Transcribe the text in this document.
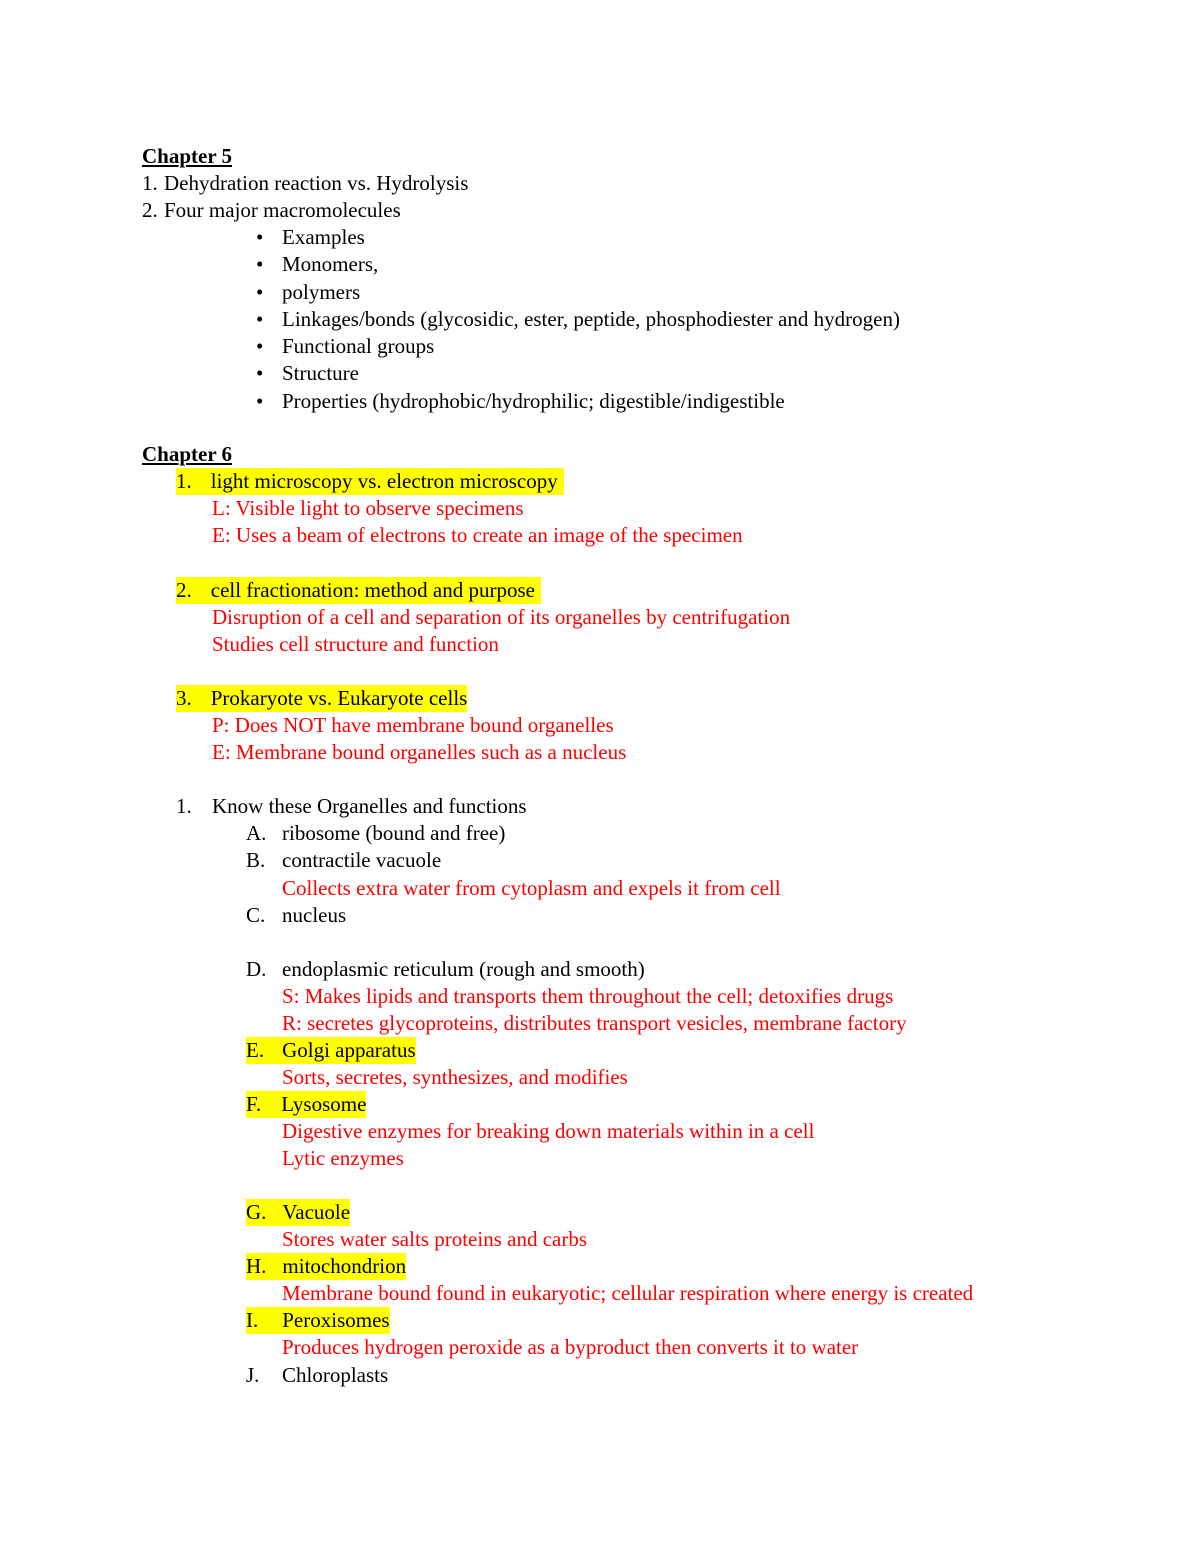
Chapter 5
1. Dehydration reaction vs. Hydrolysis
2. Four major macromolecules
• Examples
• Monomers,
• polymers
• Linkages/bonds (glycosidic, ester, peptide, phosphodiester and hydrogen)
• Functional groups
• Structure
• Properties (hydrophobic/hydrophilic; digestible/indigestible
Chapter 6
1. light microscopy vs. electron microscopy
L: Visible light to observe specimens
E: Uses a beam of electrons to create an image of the specimen
2. cell fractionation: method and purpose
Disruption of a cell and separation of its organelles by centrifugation
Studies cell structure and function
3. Prokaryote vs. Eukaryote cells
P: Does NOT have membrane bound organelles
E: Membrane bound organelles such as a nucleus
1. Know these Organelles and functions
A. ribosome (bound and free)
B. contractile vacuole
Collects extra water from cytoplasm and expels it from cell
C. nucleus
D. endoplasmic reticulum (rough and smooth)
S: Makes lipids and transports them throughout the cell; detoxifies drugs
R: secretes glycoproteins, distributes transport vesicles, membrane factory
E. Golgi apparatus
Sorts, secretes, synthesizes, and modifies
F. Lysosome
Digestive enzymes for breaking down materials within in a cell
Lytic enzymes
G. Vacuole
Stores water salts proteins and carbs
H. mitochondrion
Membrane bound found in eukaryotic; cellular respiration where energy is created
I. Peroxisomes
Produces hydrogen peroxide as a byproduct then converts it to water
J. Chloroplasts
